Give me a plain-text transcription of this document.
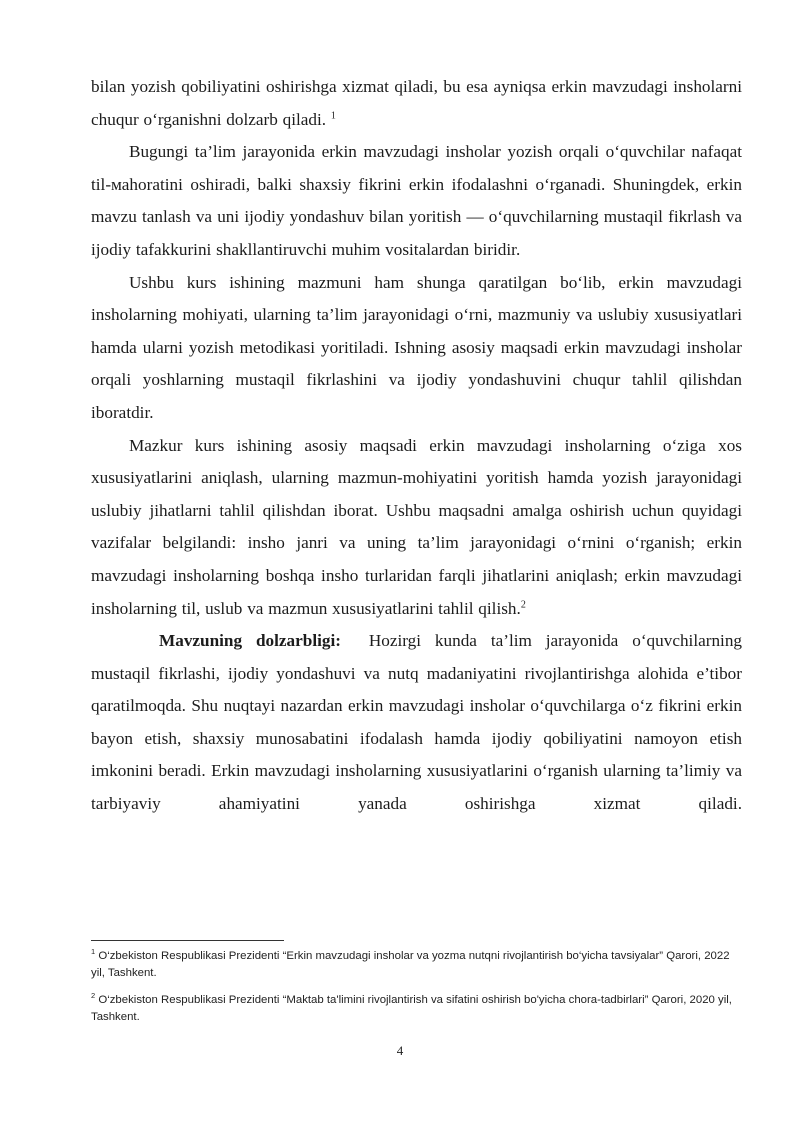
bilan yozish qobiliyatini oshirishga xizmat qiladi, bu esa ayniqsa erkin mavzudagi insholarni chuqur o‘rganishni dolzarb qiladi. $^1$

Bugungi ta’lim jarayonida erkin mavzudagi insholar yozish orqali o‘quvchilar nafaqat til-маhoratini oshiradi, balki shaxsiy fikrini erkin ifodalashni o‘rganadi. Shuningdek, erkin mavzu tanlash va uni ijodiy yondashuv bilan yoritish — o‘quvchilarning mustaqil fikrlash va ijodiy tafakkurini shakllantiruvchi muhim vositalardan biridir.

Ushbu kurs ishining mazmuni ham shunga qaratilgan bo‘lib, erkin mavzudagi insholarning mohiyati, ularning ta’lim jarayonidagi o‘rni, mazmuniy va uslubiy xususiyatlari hamda ularni yozish metodikasi yoritiladi. Ishning asosiy maqsadi erkin mavzudagi insholar orqali yoshlarning mustaqil fikrlashini va ijodiy yondashuvini chuqur tahlil qilishdan iboratdir.

Mazkur kurs ishining asosiy maqsadi erkin mavzudagi insholarning o‘ziga xos xususiyatlarini aniqlash, ularning mazmun-mohiyatini yoritish hamda yozish jarayonidagi uslubiy jihatlarni tahlil qilishdan iborat. Ushbu maqsadni amalga oshirish uchun quyidagi vazifalar belgilandi: insho janri va uning ta’lim jarayonidagi o‘rnini o‘rganish; erkin mavzudagi insholarning boshqa insho turlaridan farqli jihatlarini aniqlash; erkin mavzudagi insholarning til, uslub va mazmun xususiyatlarini tahlil qilish.$^2$

Mavzuning dolzarbligi: Hozirgi kunda ta’lim jarayonida o‘quvchilarning mustaqil fikrlashi, ijodiy yondashuvi va nutq madaniyatini rivojlantirishga alohida e’tibor qaratilmoqda. Shu nuqtayi nazardan erkin mavzudagi insholar o‘quvchilarga o‘z fikrini erkin bayon etish, shaxsiy munosabatini ifodalash hamda ijodiy qobiliyatini namoyon etish imkonini beradi. Erkin mavzudagi insholarning xususiyatlarini o‘rganish ularning ta’limiy va tarbiyaviy ahamiyatini yanada oshirishga xizmat qiladi.

$^1$ O‘zbekiston Respublikasi Prezidenti “Erkin mavzudagi insholar va yozma nutqni rivojlantirish bo‘yicha tavsiyalar” Qarori, 2022 yil, Tashkent.

$^2$ O‘zbekiston Respublikasi Prezidenti “Maktab ta'limini rivojlantirish va sifatini oshirish bo'yicha chora-tadbirlari” Qarori, 2020 yil, Tashkent.

4
